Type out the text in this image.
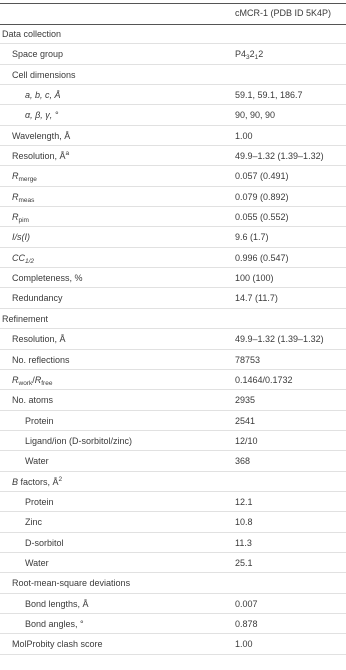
cMCR-1 (PDB ID 5K4P)
Data collection
Space group	$P4_32_12$
Cell dimensions
a, b, c, Å	59.1, 59.1, 186.7
α, β, γ, °	90, 90, 90
Wavelength, Å	1.00
Resolution, $Å^a$	49.9–1.32 (1.39–1.32)
$R_{merge}$	0.057 (0.491)
$R_{meas}$	0.079 (0.892)
$R_{pim}$	0.055 (0.552)
I/s(I)	9.6 (1.7)
$CC_{1/2}$	0.996 (0.547)
Completeness, %	100 (100)
Redundancy	14.7 (11.7)
Refinement
Resolution, Å	49.9–1.32 (1.39–1.32)
No. reflections	78753
$R_{work}/R_{free}$	0.1464/0.1732
No. atoms	2935
Protein	2541
Ligand/ion (D-sorbitol/zinc)	12/10
Water	368
B factors, $Å^2$
Protein	12.1
Zinc	10.8
D-sorbitol	11.3
Water	25.1
Root-mean-square deviations
Bond lengths, Å	0.007
Bond angles, °	0.878
MolProbity clash score	1.00
